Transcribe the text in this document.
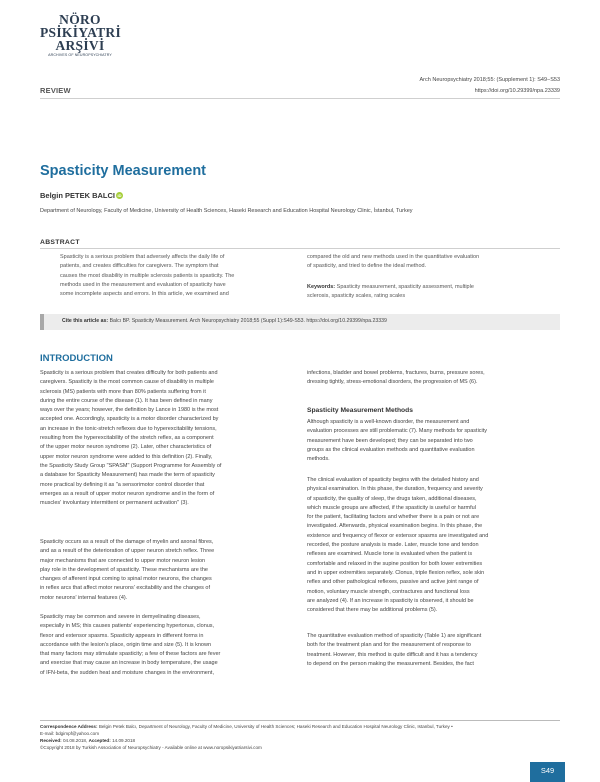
NÖRO
PSİKİYATRİ
ARŞİVİ
ARCHIVES OF NEUROPSYCHIATRY
Arch Neuropsychiatry 2018;55: (Supplement 1): S49−S53
https://doi.org/10.29399/npa.23339
REVIEW
Spasticity Measurement
Belgin PETEK BALCI iD
Department of Neurology, Faculty of Medicine, University of Health Sciences, Haseki Research and Education Hospital Neurology Clinic, İstanbul, Turkey
ABSTRACT
Spasticity is a serious problem that adversely affects the daily life of
patients, and creates difficulties for caregivers. The symptom that
causes the most disability in multiple sclerosis patients is spasticity. The
methods used in the measurement and evaluation of spasticity have
some incomplete aspects and errors. In this article, we examined and
compared the old and new methods used in the quantitative evaluation
of spasticity, and tried to define the ideal method.
Keywords: Spasticity measurement, spasticity assessment, multiple
sclerosis, spasticity scales, rating scales
Cite this article as: Balcı BP. Spasticity Measurement. Arch Neuropsychiatry 2018;55 (Suppl 1):S49-S53. https://doi.org/10.29399/npa.23339
INTRODUCTION
Spasticity is a serious problem that creates difficulty for both patients and
caregivers. Spasticity is the most common cause of disability in multiple
sclerosis (MS) patients with more than 80% patients suffering from it
during the entire course of the disease (1). It has been defined in many
ways over the years; however, the definition by Lance in 1980 is the most
accepted one. Accordingly, spasticity is a motor disorder characterized by
an increase in the tonic-stretch reflexes due to hyperexcitability tensions,
resulting from the hyperexcitability of the stretch reflex, as a component
of the upper motor neuron syndrome (2). Later, other characteristics of
upper motor neuron syndrome were added to this definition (2). Finally,
the Spasticity Study Group "SPASM" (Support Programme for Assembly of
a database for Spasticity Measurement) has made the term of spasticity
more practical by defining it as "a sensorimotor control disorder that
emerges as a result of upper motor neuron syndrome and in the form of
muscles' involuntary intermittent or permanent activation" (3).
Spasticity occurs as a result of the damage of myelin and axonal fibres,
and as a result of the deterioration of upper neuron stretch reflex. Three
major mechanisms that are connected to upper motor neuron lesion
play role in the development of spasticity. These mechanisms are the
changes of afferent input coming to spinal motor neurons, the changes
in reflex arcs that affect motor neurons' excitability and the changes of
motor neurons' internal features (4).
Spasticity may be common and severe in demyelinating diseases,
especially in MS; this causes patients' experiencing hypertonus, clonus,
flexor and extensor spasms. Spasticity appears in different forms in
accordance with the lesion's place, origin time and size (5). It is known
that many factors may stimulate spasticity; a few of these factors are fever
and exercise that may cause an increase in body temperature, the usage
of IFN-beta, the sudden heat and moisture changes in the environment,
infections, bladder and bowel problems, fractures, burns, pressure sores,
dressing tightly, stress-emotional disorders, the progression of MS (6).
Spasticity Measurement Methods
Although spasticity is a well-known disorder, the measurement and
evaluation processes are still problematic (7). Many methods for spasticity
measurement have been developed; they can be separated into two
groups as the clinical evaluation methods and quantitative evaluation
methods.
The clinical evaluation of spasticity begins with the detailed history and
physical examination. In this phase, the duration, frequency and severity
of spasticity, the quality of sleep, the drugs taken, additional diseases,
which muscle groups are affected, if the spasticity is useful or harmful
for the patient, facilitating factors and whether there is a pain or not are
investigated. Afterwards, physical examination begins. In this phase, the
existence and frequency of flexor or extensor spasms are investigated and
recorded, the posture analysis is made. Later, muscle tone and tendon
reflexes are examined. Muscle tone is evaluated when the patient is
comfortable and relaxed in the supine position for both lower extremities
and in upper extremities separately. Clonus, triple flexion reflex, sole skin
reflex and other pathological reflexes, passive and active joint range of
motion, voluntary muscle strength, contractures and functional loss
are analyzed (4). If an increase in spasticity is observed, it should be
considered that there may be additional problems (5).
The quantitative evaluation method of spasticity (Table 1) are significant
both for the treatment plan and for the measurement of response to
treatment. However, this method is quite difficult and it has a tendency
to depend on the person making the measurement. Besides, the fact
Correspondence Address: Belgin Petek Balcı, Department of Neurology, Faculty of Medicine, University of Health Sciences; Haseki Research and Education Hospital Neurology Clinic, Istanbul, Turkey •
E-mail: bdgimpf@yahoo.com
Received: 04.08.2018, Accepted: 14.09.2018
©Copyright 2018 by Turkish Association of Neuropsychiatry - Available online at www.noropsikiyatriarsivi.com
S49
